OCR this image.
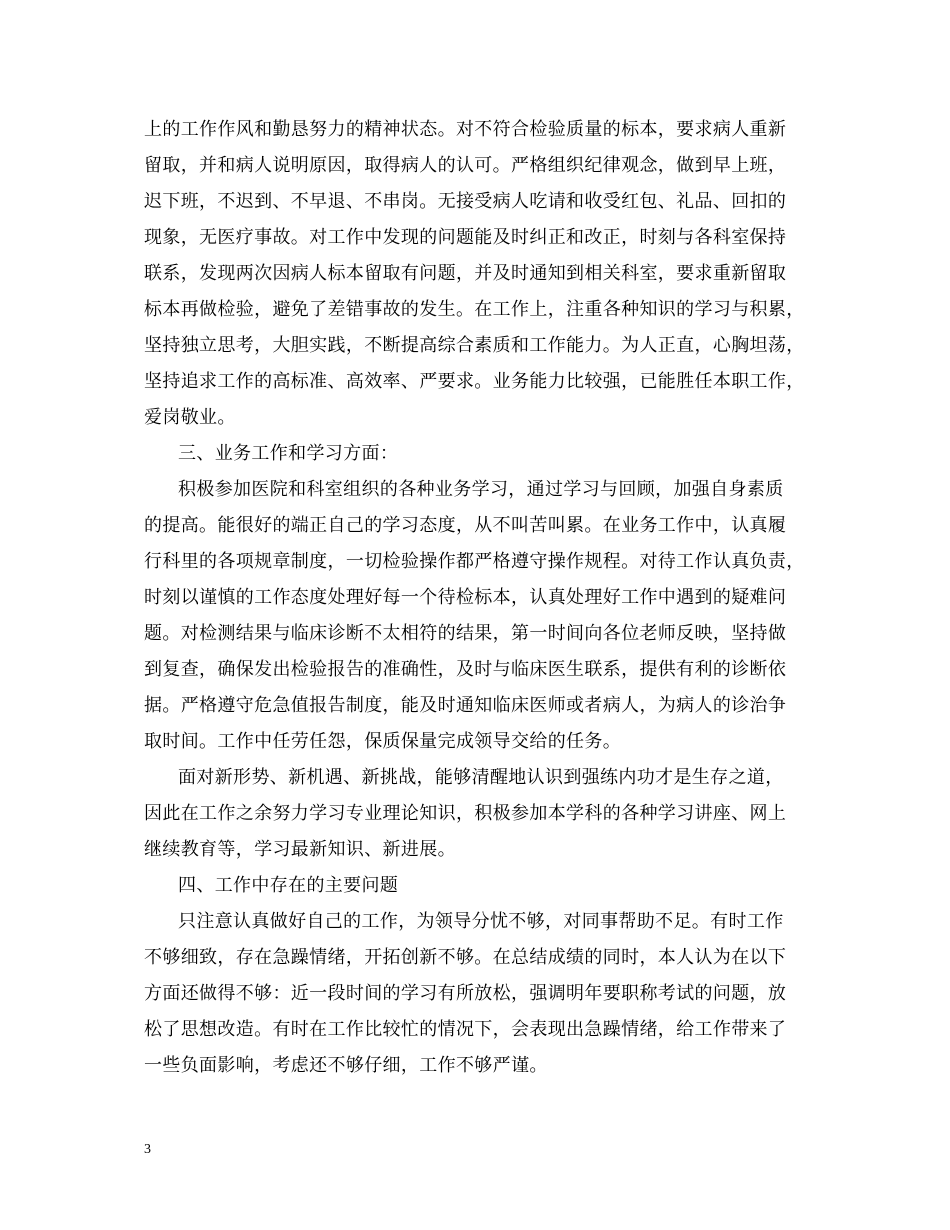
上的工作作风和勤恳努力的精神状态。对不符合检验质量的标本，要求病人重新
留取，并和病人说明原因，取得病人的认可。严格组织纪律观念，做到早上班，
迟下班，不迟到、不早退、不串岗。无接受病人吃请和收受红包、礼品、回扣的
现象，无医疗事故。对工作中发现的问题能及时纠正和改正，时刻与各科室保持
联系，发现两次因病人标本留取有问题，并及时通知到相关科室，要求重新留取
标本再做检验，避免了差错事故的发生。在工作上，注重各种知识的学习与积累，
坚持独立思考，大胆实践，不断提高综合素质和工作能力。为人正直，心胸坦荡，
坚持追求工作的高标准、高效率、严要求。业务能力比较强，已能胜任本职工作，
爱岗敬业。
三、业务工作和学习方面：
积极参加医院和科室组织的各种业务学习，通过学习与回顾，加强自身素质
的提高。能很好的端正自己的学习态度，从不叫苦叫累。在业务工作中，认真履
行科里的各项规章制度，一切检验操作都严格遵守操作规程。对待工作认真负责，
时刻以谨慎的工作态度处理好每一个待检标本，认真处理好工作中遇到的疑难问
题。对检测结果与临床诊断不太相符的结果，第一时间向各位老师反映，坚持做
到复查，确保发出检验报告的准确性，及时与临床医生联系，提供有利的诊断依
据。严格遵守危急值报告制度，能及时通知临床医师或者病人，为病人的诊治争
取时间。工作中任劳任怨，保质保量完成领导交给的任务。
面对新形势、新机遇、新挑战，能够清醒地认识到强练内功才是生存之道，
因此在工作之余努力学习专业理论知识，积极参加本学科的各种学习讲座、网上
继续教育等，学习最新知识、新进展。
四、工作中存在的主要问题
只注意认真做好自己的工作，为领导分忧不够，对同事帮助不足。有时工作
不够细致，存在急躁情绪，开拓创新不够。在总结成绩的同时，本人认为在以下
方面还做得不够：近一段时间的学习有所放松，强调明年要职称考试的问题，放
松了思想改造。有时在工作比较忙的情况下，会表现出急躁情绪，给工作带来了
一些负面影响，考虑还不够仔细，工作不够严谨。
3
